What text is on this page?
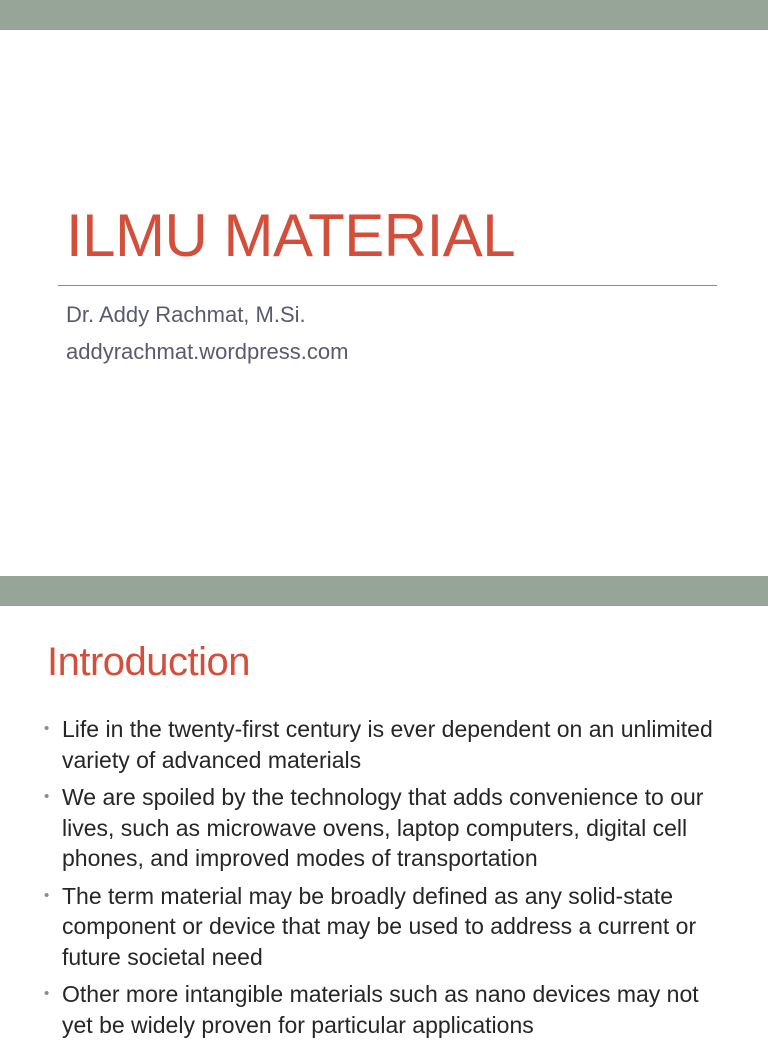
ILMU MATERIAL

Dr. Addy Rachmat, M.Si.

addyrachmat.wordpress.com

Introduction
• Life in the twenty-first century is ever dependent on an unlimited variety of advanced materials
• We are spoiled by the technology that adds convenience to our lives, such as microwave ovens, laptop computers, digital cell phones, and improved modes of transportation
• The term material may be broadly defined as any solid-state component or device that may be used to address a current or future societal need
• Other more intangible materials such as nano devices may not yet be widely proven for particular applications
